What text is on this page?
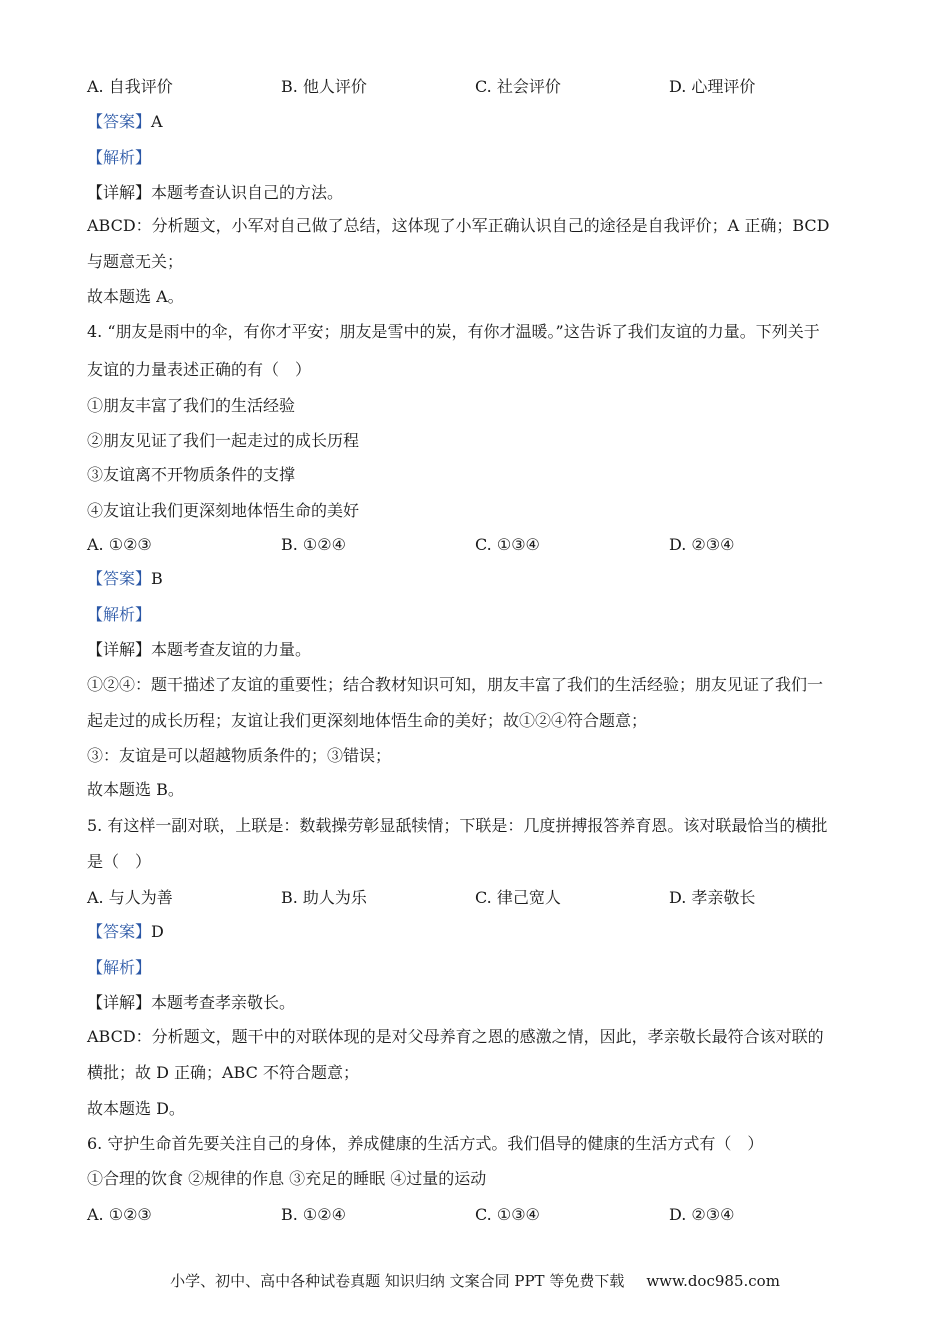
A. 自我评价	B. 他人评价	C. 社会评价	D. 心理评价
【答案】A
【解析】
【详解】本题考查认识自己的方法。
ABCD：分析题文，小军对自己做了总结，这体现了小军正确认识自己的途径是自我评价；A 正确；BCD
与题意无关；
故本题选 A。
4. “朋友是雨中的伞，有你才平安；朋友是雪中的炭，有你才温暖。”这告诉了我们友谊的力量。下列关于
友谊的力量表述正确的有（　）
①朋友丰富了我们的生活经验
②朋友见证了我们一起走过的成长历程
③友谊离不开物质条件的支撑
④友谊让我们更深刻地体悟生命的美好
A. ①②③	B. ①②④	C. ①③④	D. ②③④
【答案】B
【解析】
【详解】本题考查友谊的力量。
①②④：题干描述了友谊的重要性；结合教材知识可知，朋友丰富了我们的生活经验；朋友见证了我们一
起走过的成长历程；友谊让我们更深刻地体悟生命的美好；故①②④符合题意；
③：友谊是可以超越物质条件的；③错误；
故本题选 B。
5. 有这样一副对联，上联是：数载操劳彰显舐犊情；下联是：几度拼搏报答养育恩。该对联最恰当的横批
是（　）
A. 与人为善	B. 助人为乐	C. 律己宽人	D. 孝亲敬长
【答案】D
【解析】
【详解】本题考查孝亲敬长。
ABCD：分析题文，题干中的对联体现的是对父母养育之恩的感激之情，因此，孝亲敬长最符合该对联的
横批；故 D 正确；ABC 不符合题意；
故本题选 D。
6. 守护生命首先要关注自己的身体，养成健康的生活方式。我们倡导的健康的生活方式有（　）
①合理的饮食 ②规律的作息 ③充足的睡眠 ④过量的运动
A. ①②③	B. ①②④	C. ①③④	D. ②③④
小学、初中、高中各种试卷真题 知识归纳 文案合同 PPT 等免费下载 www.doc985.com
